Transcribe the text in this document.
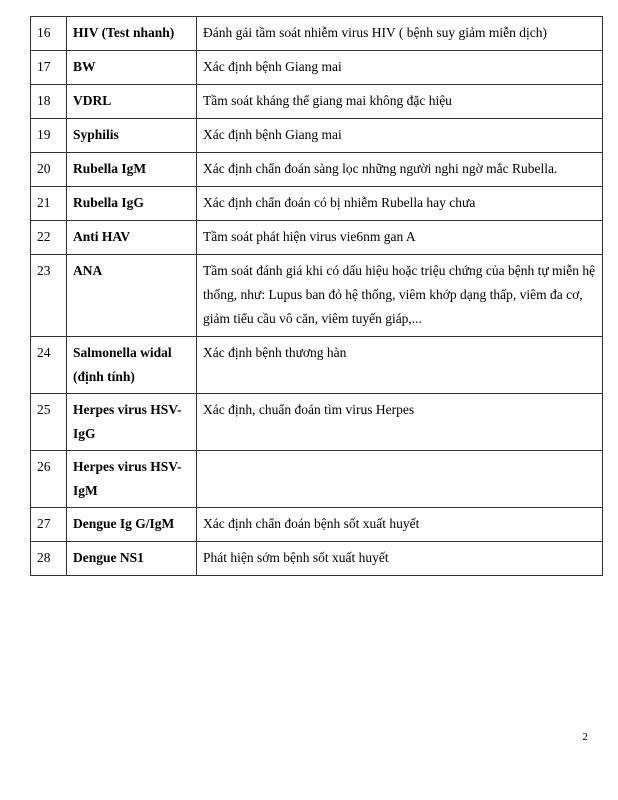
16	HIV (Test nhanh)	Đánh gái tầm soát nhiễm virus HIV ( bệnh suy giảm miễn dịch)
17	BW	Xác định bệnh Giang mai
18	VDRL	Tầm soát kháng thể giang mai không đặc hiệu
19	Syphilis	Xác định bệnh Giang mai
20	Rubella IgM	Xác định chẩn đoán sàng lọc những người nghi ngờ mắc Rubella.
21	Rubella IgG	Xác định chẩn đoán có bị nhiễm Rubella hay chưa
22	Anti HAV	Tầm soát phát hiện virus vie6nm gan A
23	ANA	Tầm soát đánh giá khi có dấu hiệu hoặc triệu chứng của bệnh tự miễn hệ thống, như: Lupus ban đỏ hệ thống, viêm khớp dạng thấp, viêm đa cơ, giảm tiểu cầu vô căn, viêm tuyến giáp,...
24	Salmonella widal (định tính)	Xác định bệnh thương hàn
25	Herpes virus HSV-IgG	Xác định, chuẩn đoán tìm virus Herpes
26	Herpes virus HSV-IgM	
27	Dengue Ig G/IgM	Xác định chẩn đoán bệnh sốt xuất huyết
28	Dengue NS1	Phát hiện sớm bệnh sốt xuất huyết
2
